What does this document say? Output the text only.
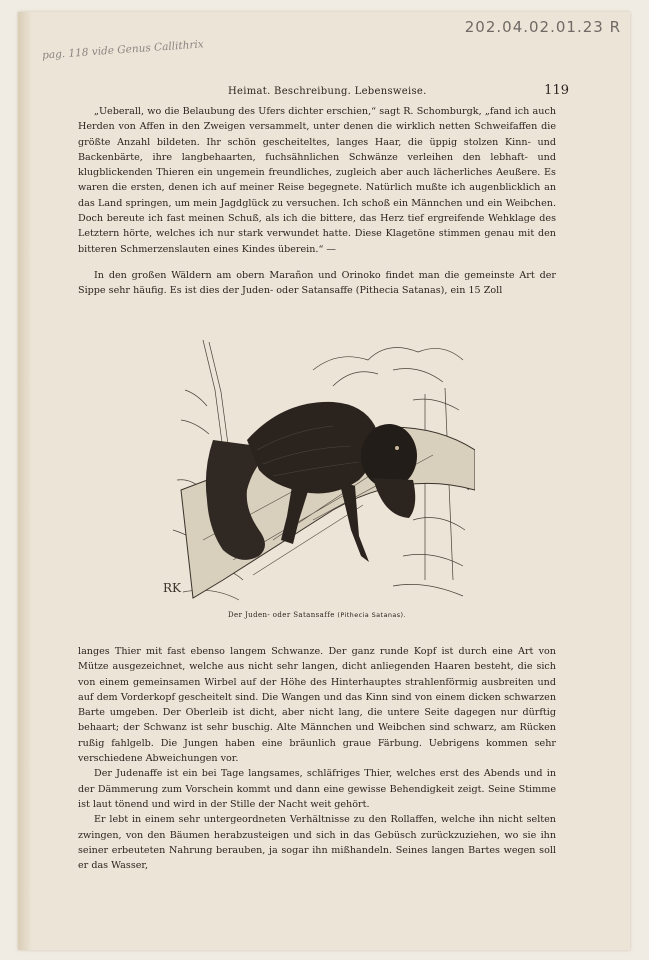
202.04.02.01.23 R
pag. 118 vide Genus Callithrix
Heimat. Beschreibung. Lebensweise.	119

„Ueberall, wo die Belaubung des Ufers dichter erschien,“ sagt R. Schomburgk, „fand ich auch Herden von Affen in den Zweigen versammelt, unter denen die wirklich netten Schweifaffen die größte Anzahl bildeten. Ihr schön gescheiteltes, langes Haar, die üppig stolzen Kinn- und Backenbärte, ihre langbehaarten, fuchsähnlichen Schwänze verleihen den lebhaft- und klugblickenden Thieren ein ungemein freundliches, zugleich aber auch lächerliches Aeußere. Es waren die ersten, denen ich auf meiner Reise begegnete. Natürlich mußte ich augenblicklich an das Land springen, um mein Jagdglück zu versuchen. Ich schoß ein Männchen und ein Weibchen. Doch bereute ich fast meinen Schuß, als ich die bittere, das Herz tief ergreifende Wehklage des Letztern hörte, welches ich nur stark verwundet hatte. Diese Klagetöne stimmen genau mit den bitteren Schmerzenslauten eines Kindes überein.“ —

In den großen Wäldern am obern Marañon und Orinoko findet man die gemeinste Art der Sippe sehr häufig. Es ist dies der Juden- oder Satansaffe (Pithecia Satanas), ein 15 Zoll

RK
Der Juden- oder Satansaffe (Pithecia Satanas).

langes Thier mit fast ebenso langem Schwanze. Der ganz runde Kopf ist durch eine Art von Mütze ausgezeichnet, welche aus nicht sehr langen, dicht anliegenden Haaren besteht, die sich von einem gemeinsamen Wirbel auf der Höhe des Hinterhauptes strahlenförmig ausbreiten und auf dem Vorderkopf gescheitelt sind. Die Wangen und das Kinn sind von einem dicken schwarzen Barte umgeben. Der Oberleib ist dicht, aber nicht lang, die untere Seite dagegen nur dürftig behaart; der Schwanz ist sehr buschig. Alte Männchen und Weibchen sind schwarz, am Rücken rußig fahlgelb. Die Jungen haben eine bräunlich graue Färbung. Uebrigens kommen sehr verschiedene Abweichungen vor.

Der Judenaffe ist ein bei Tage langsames, schläfriges Thier, welches erst des Abends und in der Dämmerung zum Vorschein kommt und dann eine gewisse Behendigkeit zeigt. Seine Stimme ist laut tönend und wird in der Stille der Nacht weit gehört.

Er lebt in einem sehr untergeordneten Verhältnisse zu den Rollaffen, welche ihn nicht selten zwingen, von den Bäumen herabzusteigen und sich in das Gebüsch zurückzuziehen, wo sie ihn seiner erbeuteten Nahrung berauben, ja sogar ihn mißhandeln. Seines langen Bartes wegen soll er das Wasser,
